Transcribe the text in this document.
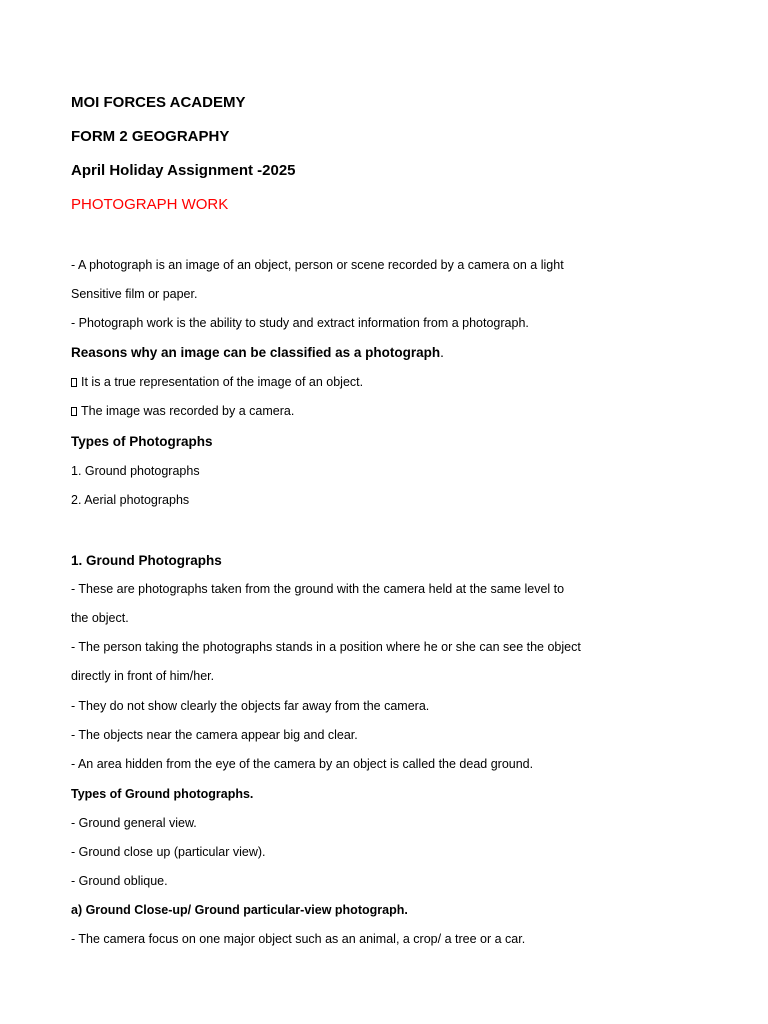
MOI FORCES ACADEMY
FORM 2 GEOGRAPHY
April Holiday Assignment -2025
PHOTOGRAPH WORK
- A photograph is an image of an object, person or scene recorded by a camera on a light
Sensitive film or paper.
- Photograph work is the ability to study and extract information from a photograph.
Reasons why an image can be classified as a photograph.
It is a true representation of the image of an object.
The image was recorded by a camera.
Types of Photographs
1. Ground photographs
2. Aerial photographs
1. Ground Photographs
- These are photographs taken from the ground with the camera held at the same level to
the object.
- The person taking the photographs stands in a position where he or she can see the object
directly in front of him/her.
- They do not show clearly the objects far away from the camera.
- The objects near the camera appear big and clear.
- An area hidden from the eye of the camera by an object is called the dead ground.
Types of Ground photographs.
- Ground general view.
- Ground close up (particular view).
- Ground oblique.
a) Ground Close-up/ Ground particular-view photograph.
- The camera focus on one major object such as an animal, a crop/ a tree or a car.
